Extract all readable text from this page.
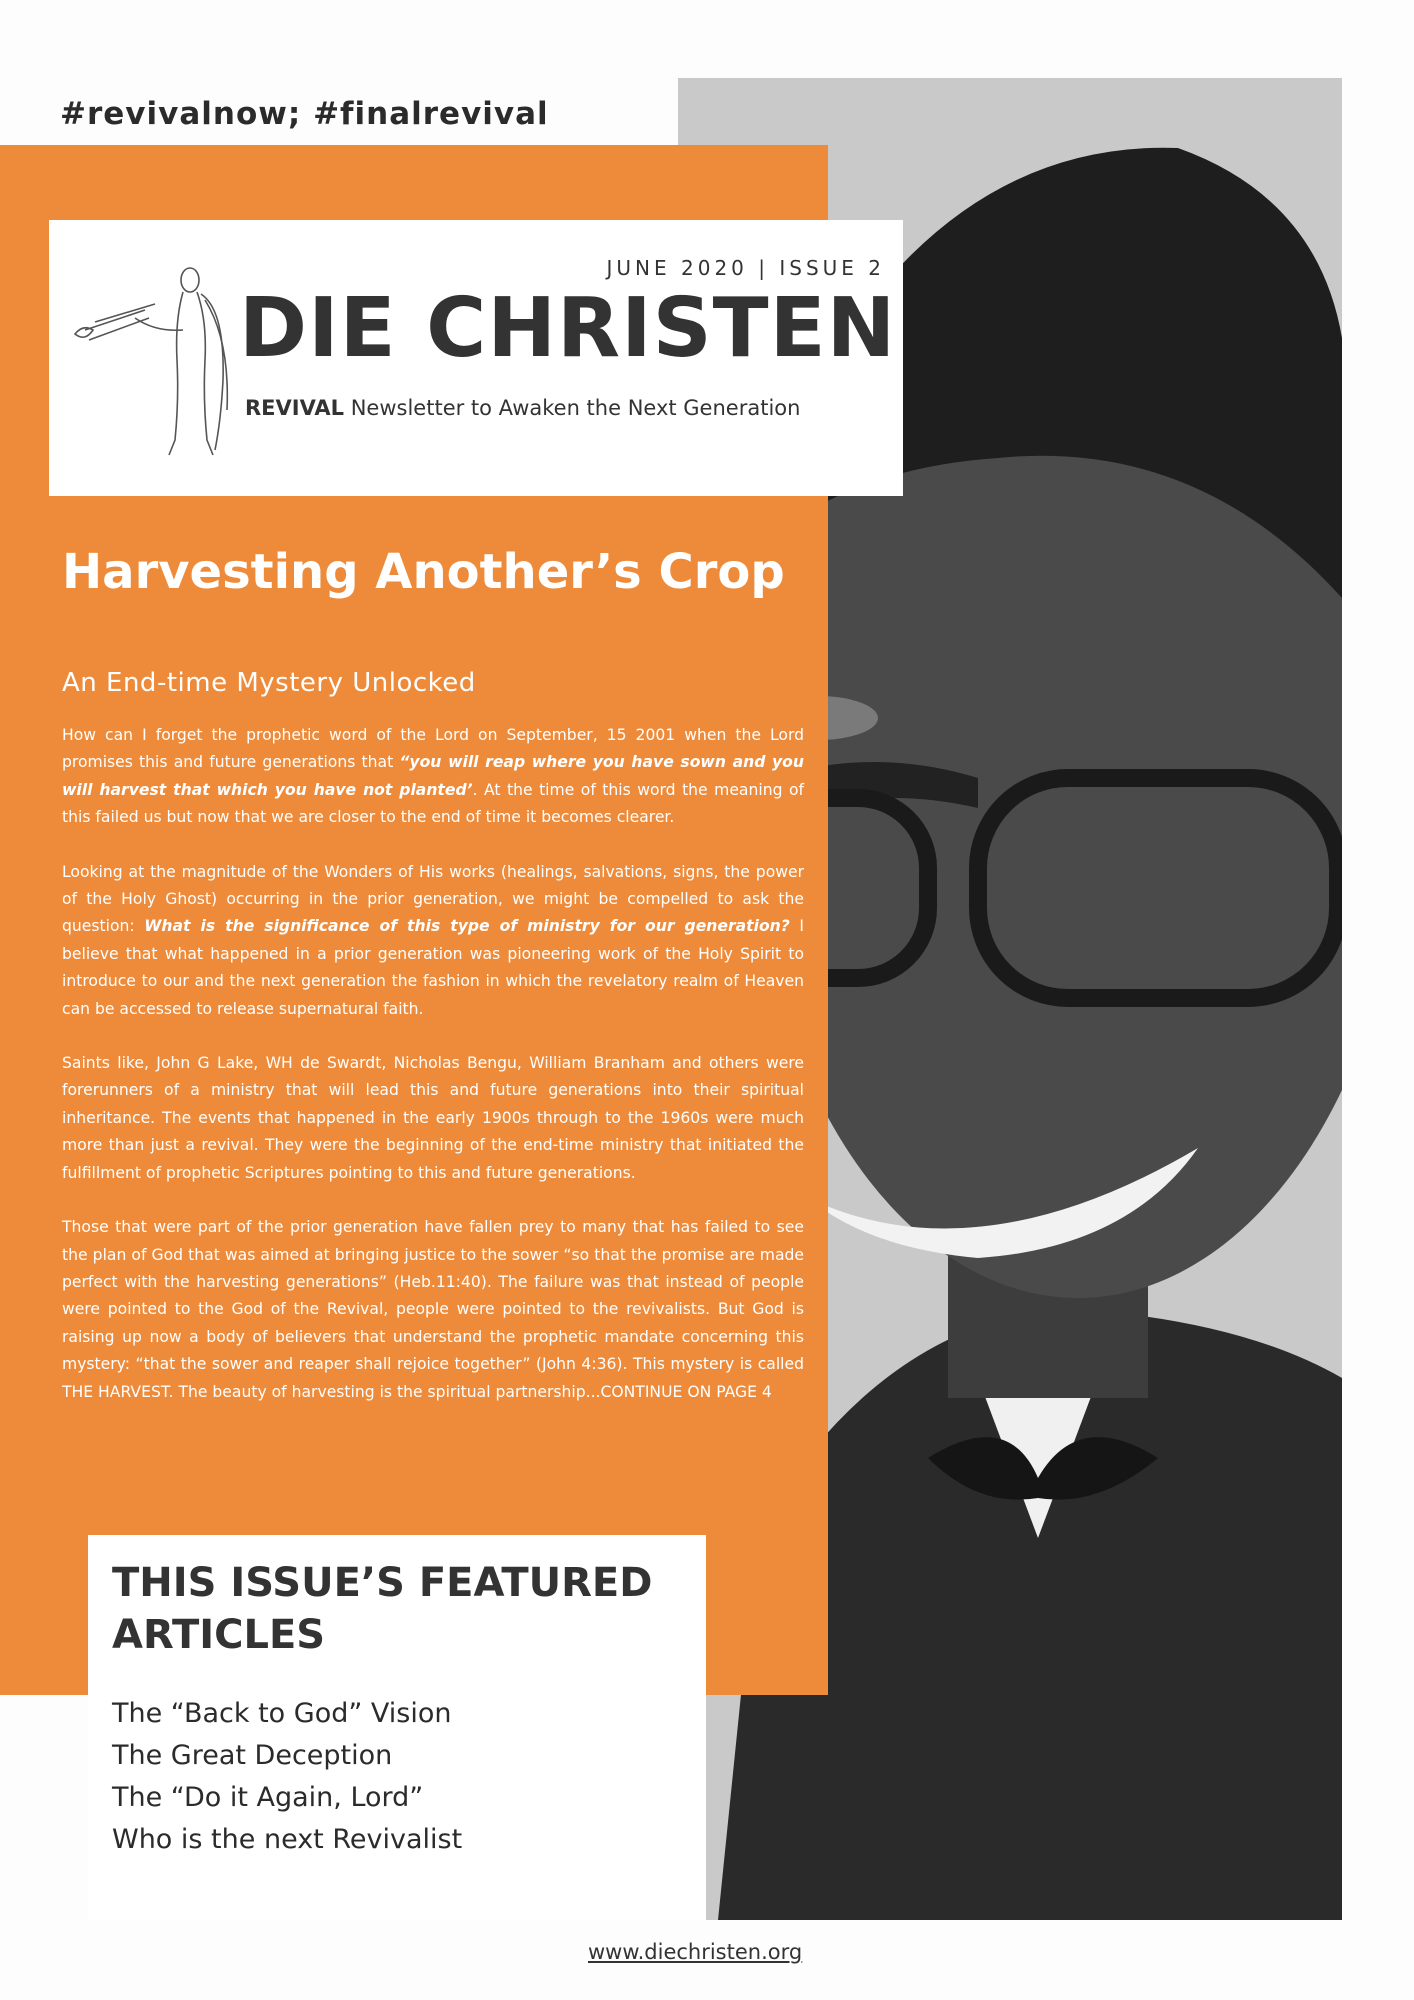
#revivalnow; #finalrevival

JUNE 2020 | ISSUE 2

DIE CHRISTEN

REVIVAL Newsletter to Awaken the Next Generation

Harvesting Another’s Crop

An End-time Mystery Unlocked

How can I forget the prophetic word of the Lord on September, 15 2001 when the Lord promises this and future generations that “you will reap where you have sown and you will harvest that which you have not planted’. At the time of this word the meaning of this failed us but now that we are closer to the end of time it becomes clearer.

Looking at the magnitude of the Wonders of His works (healings, salvations, signs, the power of the Holy Ghost) occurring in the prior generation, we might be compelled to ask the question: What is the significance of this type of ministry for our generation? I believe that what happened in a prior generation was pioneering work of the Holy Spirit to introduce to our and the next generation the fashion in which the revelatory realm of Heaven can be accessed to release supernatural faith.

Saints like, John G Lake, WH de Swardt, Nicholas Bengu, William Branham and others were forerunners of a ministry that will lead this and future generations into their spiritual inheritance. The events that happened in the early 1900s through to the 1960s were much more than just a revival. They were the beginning of the end-time ministry that initiated the fulfillment of prophetic Scriptures pointing to this and future generations.

Those that were part of the prior generation have fallen prey to many that has failed to see the plan of God that was aimed at bringing justice to the sower “so that the promise are made perfect with the harvesting generations” (Heb.11:40). The failure was that instead of people were pointed to the God of the Revival, people were pointed to the revivalists. But God is raising up now a body of believers that understand the prophetic mandate concerning this mystery: “that the sower and reaper shall rejoice together” (John 4:36). This mystery is called THE HARVEST. The beauty of harvesting is the spiritual partnership...CONTINUE ON PAGE 4

THIS ISSUE’S FEATURED ARTICLES
The “Back to God” Vision
The Great Deception
The “Do it Again, Lord”
Who is the next Revivalist

www.diechristen.org
